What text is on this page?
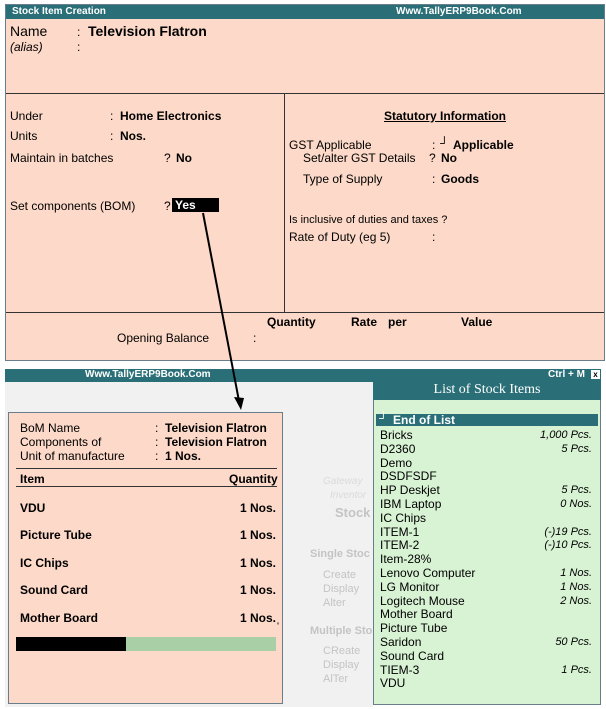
Stock Item Creation	Www.TallyERP9Book.Com
Name : Television Flatron
(alias)	:
Under	: Home Electronics
Units	: Nos.
Maintain in batches	? No
Set components (BOM) ? Yes
Statutory Information
GST Applicable	: ┘ Applicable
Set/alter GST Details ? No
Type of Supply	: Goods
Is inclusive of duties and taxes ?
Rate of Duty (eg 5)	:
Quantity	Rate per	Value
Opening Balance	:
Www.TallyERP9Book.Com	Ctrl + M x
Gateway
Inventor
Stock
Single Stoc
Create
Display
Alter
Multiple Sto
CReate
Display
AlTer
BoM Name	: Television Flatron
Components of	: Television Flatron
Unit of manufacture	: 1 Nos.
Item	Quantity
VDU	1 Nos.
Picture Tube	1 Nos.
IC Chips	1 Nos.
Sound Card	1 Nos.
Mother Board	1 Nos.ˌ
List of Stock Items
┘ End of List
Bricks	1,000 Pcs.
D2360	5 Pcs.
Demo
DSDFSDF
HP Deskjet	5 Pcs.
IBM Laptop	0 Nos.
IC Chips
ITEM-1	(-)19 Pcs.
ITEM-2	(-)10 Pcs.
Item-28%
Lenovo Computer	1 Nos.
LG Monitor	1 Nos.
Logitech Mouse	2 Nos.
Mother Board
Picture Tube
Saridon	50 Pcs.
Sound Card
TIEM-3	1 Pcs.
VDU
